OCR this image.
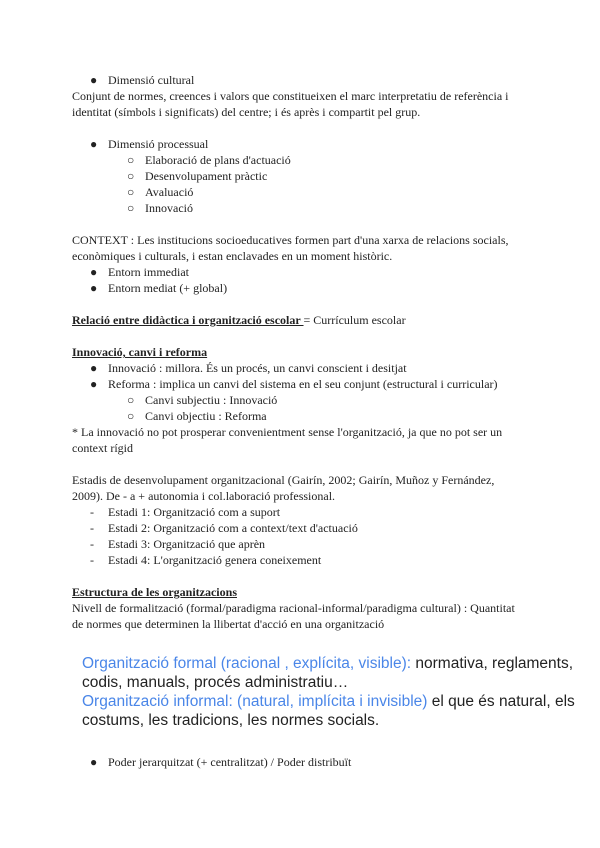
● Dimensió cultural
Conjunt de normes, creences i valors que constitueixen el marc interpretatiu de referència i
identitat (símbols i significats) del centre; i és après i compartit pel grup.
● Dimensió processual
○ Elaboració de plans d'actuació
○ Desenvolupament pràctic
○ Avaluació
○ Innovació
CONTEXT : Les institucions socioeducatives formen part d'una xarxa de relacions socials,
econòmiques i culturals, i estan enclavades en un moment històric.
● Entorn immediat
● Entorn mediat (+ global)
Relació entre didàctica i organització escolar = Currículum escolar
Innovació, canvi i reforma
● Innovació : millora. És un procés, un canvi conscient i desitjat
● Reforma : implica un canvi del sistema en el seu conjunt (estructural i curricular)
○ Canvi subjectiu : Innovació
○ Canvi objectiu : Reforma
* La innovació no pot prosperar convenientment sense l'organització, ja que no pot ser un
context rígid
Estadis de desenvolupament organitzacional (Gairín, 2002; Gairín, Muñoz y Fernández,
2009). De - a + autonomia i col.laboració professional.
- Estadi 1: Organització com a suport
- Estadi 2: Organització com a context/text d'actuació
- Estadi 3: Organització que aprèn
- Estadi 4: L'organització genera coneixement
Estructura de les organitzacions
Nivell de formalització (formal/paradigma racional-informal/paradigma cultural) : Quantitat
de normes que determinen la llibertat d'acció en una organització
Organització formal (racional , explícita, visible): normativa, reglaments,
codis, manuals, procés administratiu…
Organització informal: (natural, implícita i invisible) el que és natural, els
costums, les tradicions, les normes socials.
● Poder jerarquitzat (+ centralitzat) / Poder distribuït
